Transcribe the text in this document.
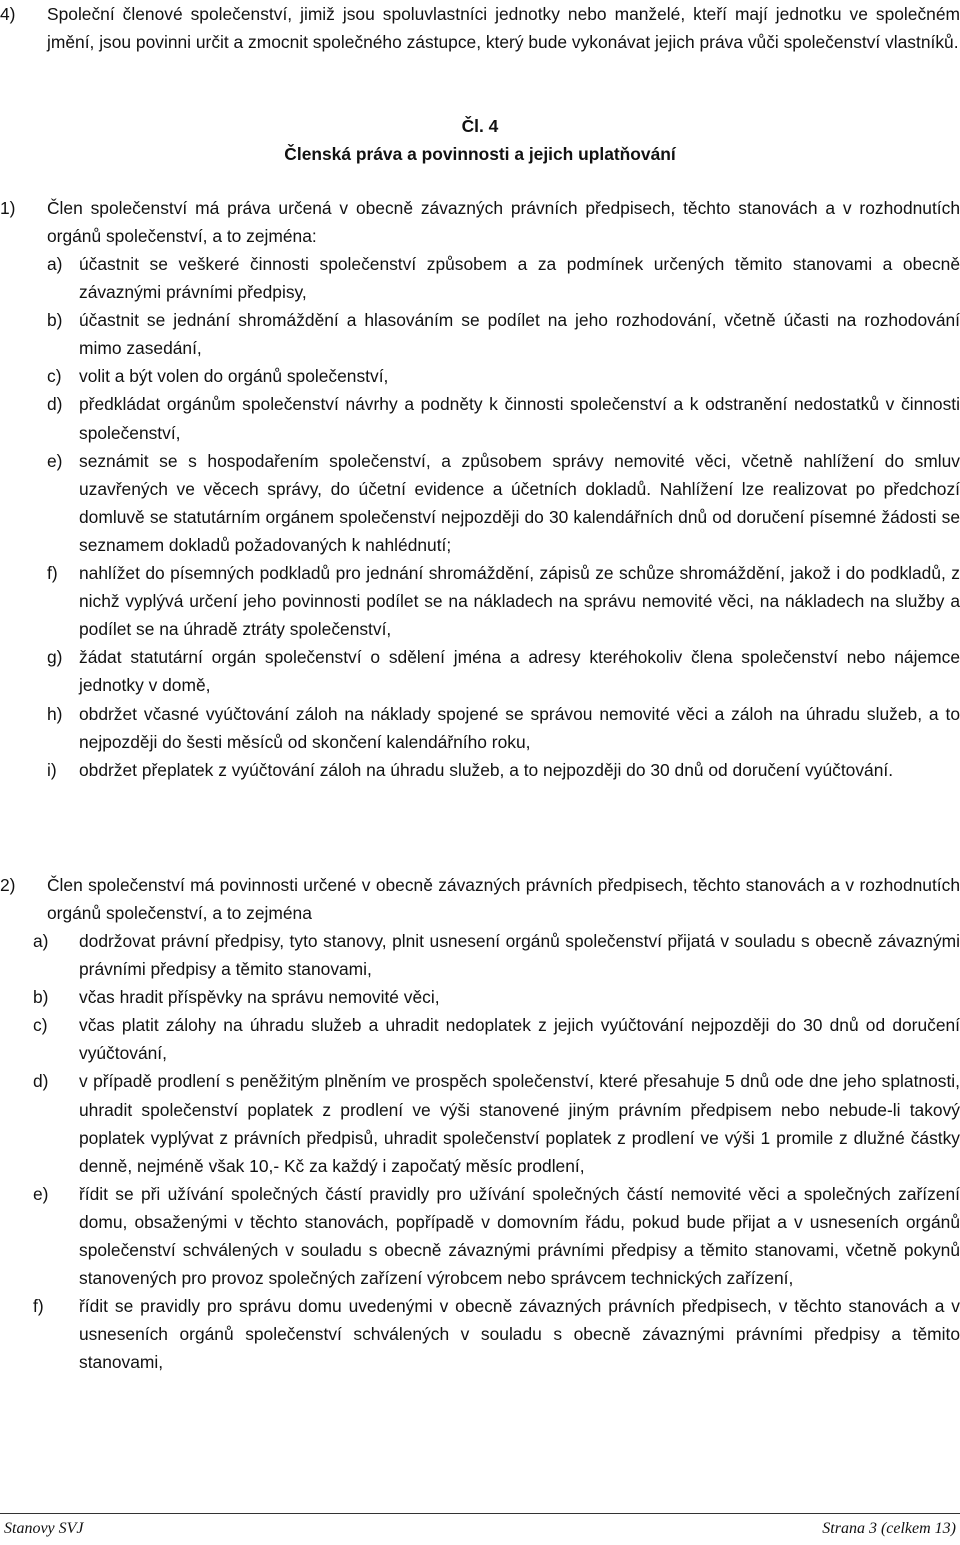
4) Společní členové společenství, jimiž jsou spoluvlastníci jednotky nebo manželé, kteří mají jednotku ve společném jmění, jsou povinni určit a zmocnit společného zástupce, který bude vykonávat jejich práva vůči společenství vlastníků.
Čl. 4
Členská práva a povinnosti a jejich uplatňování
1) Člen společenství má práva určená v obecně závazných právních předpisech, těchto stanovách a v rozhodnutích orgánů společenství, a to zejména:
a) účastnit se veškeré činnosti společenství způsobem a za podmínek určených těmito stanovami a obecně závaznými právními předpisy,
b) účastnit se jednání shromáždění a hlasováním se podílet na jeho rozhodování, včetně účasti na rozhodování mimo zasedání,
c) volit a být volen do orgánů společenství,
d) předkládat orgánům společenství návrhy a podněty k činnosti společenství a k odstranění nedostatků v činnosti společenství,
e) seznámit se s hospodařením společenství, a způsobem správy nemovité věci, včetně nahlížení do smluv uzavřených ve věcech správy, do účetní evidence a účetních dokladů. Nahlížení lze realizovat po předchozí domluvě se statutárním orgánem společenství nejpozději do 30 kalendářních dnů od doručení písemné žádosti se seznamem dokladů požadovaných k nahlédnutí;
f) nahlížet do písemných podkladů pro jednání shromáždění, zápisů ze schůze shromáždění, jakož i do podkladů, z nichž vyplývá určení jeho povinnosti podílet se na nákladech na správu nemovité věci, na nákladech na služby a podílet se na úhradě ztráty společenství,
g) žádat statutární orgán společenství o sdělení jména a adresy kteréhokoliv člena společenství nebo nájemce jednotky v domě,
h) obdržet včasné vyúčtování záloh na náklady spojené se správou nemovité věci a záloh na úhradu služeb, a to nejpozději do šesti měsíců od skončení kalendářního roku,
i) obdržet přeplatek z vyúčtování záloh na úhradu služeb, a to nejpozději do 30 dnů od doručení vyúčtování.
2) Člen společenství má povinnosti určené v obecně závazných právních předpisech, těchto stanovách a v rozhodnutích orgánů společenství, a to zejména
a) dodržovat právní předpisy, tyto stanovy, plnit usnesení orgánů společenství přijatá v souladu s obecně závaznými právními předpisy a těmito stanovami,
b) včas hradit příspěvky na správu nemovité věci,
c) včas platit zálohy na úhradu služeb a uhradit nedoplatek z jejich vyúčtování nejpozději do 30 dnů od doručení vyúčtování,
d) v případě prodlení s peněžitým plněním ve prospěch společenství, které přesahuje 5 dnů ode dne jeho splatnosti, uhradit společenství poplatek z prodlení ve výši stanovené jiným právním předpisem nebo nebude-li takový poplatek vyplývat z právních předpisů, uhradit společenství poplatek z prodlení ve výši 1 promile z dlužné částky denně, nejméně však 10,- Kč za každý i započatý měsíc prodlení,
e) řídit se při užívání společných částí pravidly pro užívání společných částí nemovité věci a společných zařízení domu, obsaženými v těchto stanovách, popřípadě v domovním řádu, pokud bude přijat a v usneseních orgánů společenství schválených v souladu s obecně závaznými právními předpisy a těmito stanovami, včetně pokynů stanovených pro provoz společných zařízení výrobcem nebo správcem technických zařízení,
f) řídit se pravidly pro správu domu uvedenými v obecně závazných právních předpisech, v těchto stanovách a v usneseních orgánů společenství schválených v souladu s obecně závaznými právními předpisy a těmito stanovami,
Stanovy SVJ	Strana 3 (celkem 13)
